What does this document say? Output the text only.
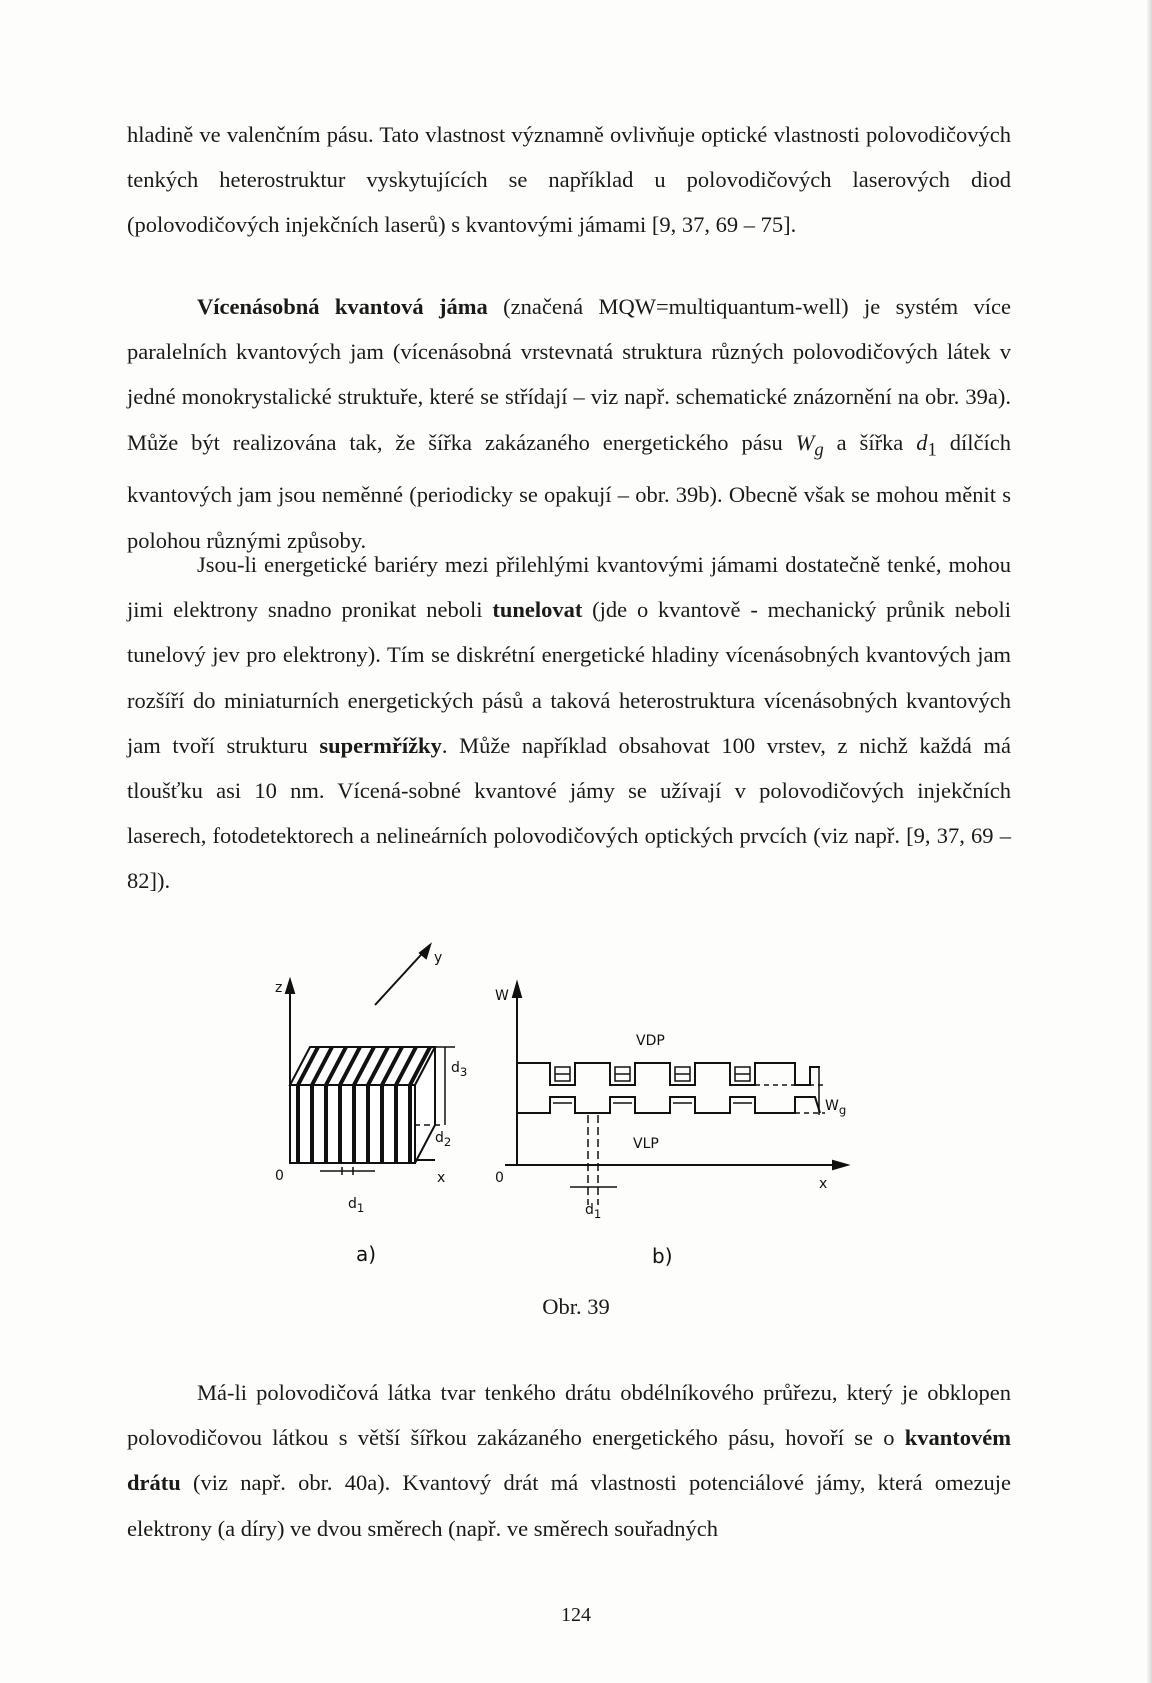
hladině ve valenčním pásu. Tato vlastnost významně ovlivňuje optické vlastnosti polovodičových tenkých heterostruktur vyskytujících se například u polovodičových laserových diod (polovodičových injekčních laserů) s kvantovými jámami [9, 37, 69 – 75].

Vícenásobná kvantová jáma (značená MQW=multiquantum-well) je systém více paralelních kvantových jam (vícenásobná vrstevnatá struktura různých polovodičových látek v jedné monokrystalické struktuře, které se střídají – viz např. schematické znázornění na obr. 39a). Může být realizována tak, že šířka zakázaného energetického pásu $W_g$ a šířka $d_1$ dílčích kvantových jam jsou neměnné (periodicky se opakují – obr. 39b). Obecně však se mohou měnit s polohou různými způsoby.

Jsou-li energetické bariéry mezi přilehlými kvantovými jámami dostatečně tenké, mohou jimi elektrony snadno pronikat neboli tunelovat (jde o kvantově - mechanický průnik neboli tunelový jev pro elektrony). Tím se diskrétní energetické hladiny vícenásobných kvantových jam rozšíří do miniaturních energetických pásů a taková heterostruktura vícenásobných kvantových jam tvoří strukturu supermřížky. Může například obsahovat 100 vrstev, z nichž každá má tloušťku asi 10 nm. Vícená-sobné kvantové jámy se užívají v polovodičových injekčních laserech, fotodetektorech a nelineárních polovodičových optických prvcích (viz např. [9, 37, 69 – 82]).

z
y
x
0
$d_3$
$d_2$
$d_1$
a)
W
VDP
VLP
$W_g$
0	x
$d_1$
b)
Obr. 39

Má-li polovodičová látka tvar tenkého drátu obdélníkového průřezu, který je obklopen polovodičovou látkou s větší šířkou zakázaného energetického pásu, hovoří se o kvantovém drátu (viz např. obr. 40a). Kvantový drát má vlastnosti potenciálové jámy, která omezuje elektrony (a díry) ve dvou směrech (např. ve směrech souřadných

124
